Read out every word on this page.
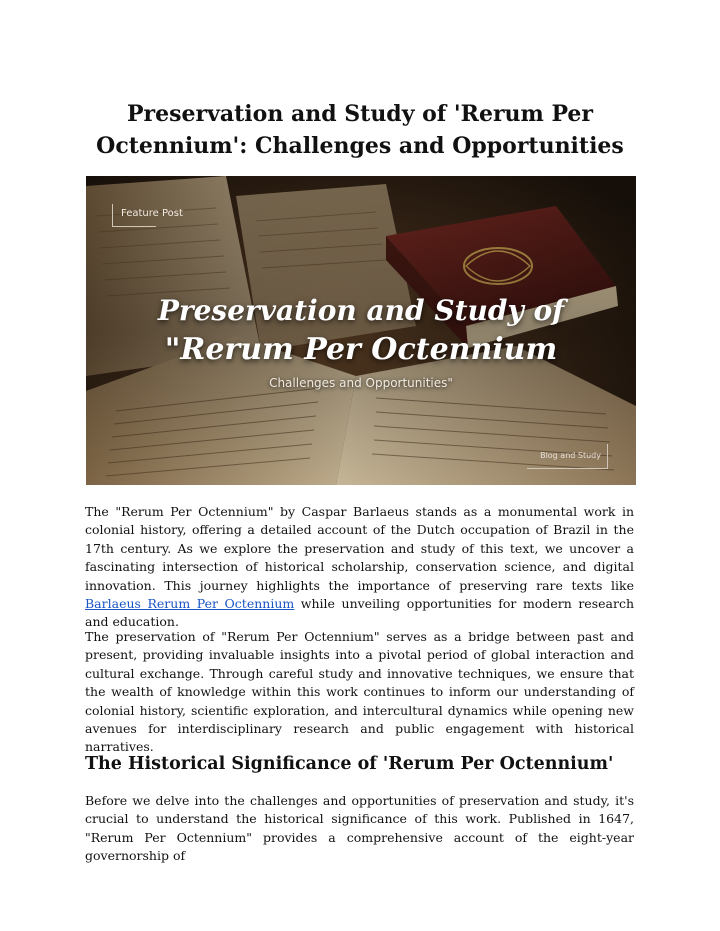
Preservation and Study of 'Rerum Per Octennium': Challenges and Opportunities
Feature Post
Preservation and Study of
"Rerum Per Octennium
Challenges and Opportunities"
Blog and Study

The "Rerum Per Octennium" by Caspar Barlaeus stands as a monumental work in colonial history, offering a detailed account of the Dutch occupation of Brazil in the 17th century. As we explore the preservation and study of this text, we uncover a fascinating intersection of historical scholarship, conservation science, and digital innovation. This journey highlights the importance of preserving rare texts like Barlaeus Rerum Per Octennium while unveiling opportunities for modern research and education.

The preservation of "Rerum Per Octennium" serves as a bridge between past and present, providing invaluable insights into a pivotal period of global interaction and cultural exchange. Through careful study and innovative techniques, we ensure that the wealth of knowledge within this work continues to inform our understanding of colonial history, scientific exploration, and intercultural dynamics while opening new avenues for interdisciplinary research and public engagement with historical narratives.

The Historical Significance of 'Rerum Per Octennium'

Before we delve into the challenges and opportunities of preservation and study, it's crucial to understand the historical significance of this work. Published in 1647, "Rerum Per Octennium" provides a comprehensive account of the eight-year governorship of
